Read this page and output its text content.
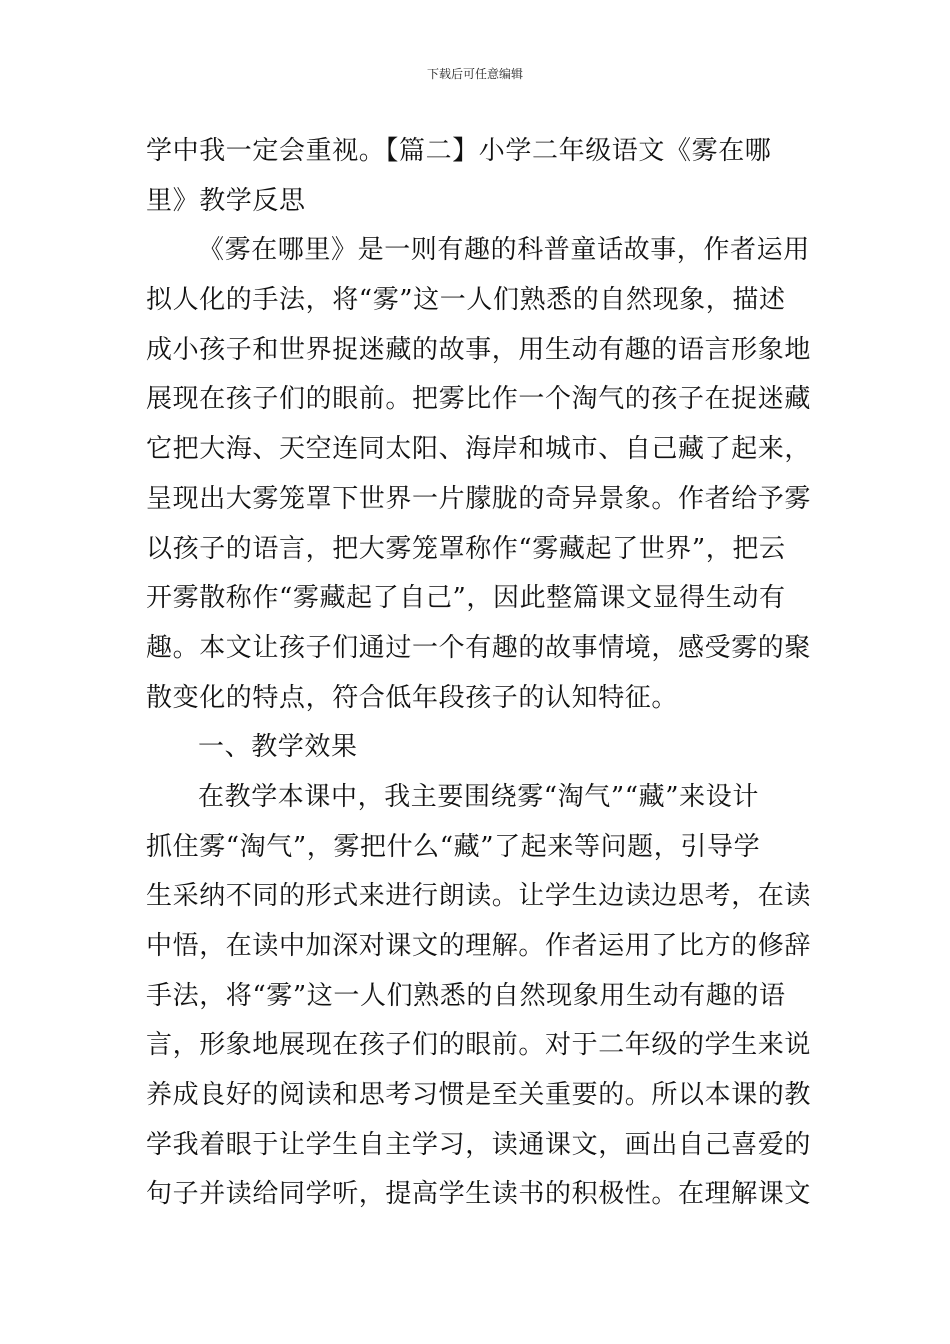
下载后可任意编辑
学中我一定会重视。【篇二】小学二年级语文《雾在哪
里》教学反思
《雾在哪里》是一则有趣的科普童话故事，作者运用
拟人化的手法，将“雾”这一人们熟悉的自然现象，描述
成小孩子和世界捉迷藏的故事，用生动有趣的语言形象地
展现在孩子们的眼前。把雾比作一个淘气的孩子在捉迷藏
它把大海、天空连同太阳、海岸和城市、自己藏了起来，
呈现出大雾笼罩下世界一片朦胧的奇异景象。作者给予雾
以孩子的语言，把大雾笼罩称作“雾藏起了世界”，把云
开雾散称作“雾藏起了自己”，因此整篇课文显得生动有
趣。本文让孩子们通过一个有趣的故事情境，感受雾的聚
散变化的特点，符合低年段孩子的认知特征。
一、教学效果
在教学本课中，我主要围绕雾“淘气”“藏”来设计
抓住雾“淘气”，雾把什么“藏”了起来等问题，引导学
生采纳不同的形式来进行朗读。让学生边读边思考，在读
中悟，在读中加深对课文的理解。作者运用了比方的修辞
手法，将“雾”这一人们熟悉的自然现象用生动有趣的语
言，形象地展现在孩子们的眼前。对于二年级的学生来说
养成良好的阅读和思考习惯是至关重要的。所以本课的教
学我着眼于让学生自主学习，读通课文，画出自己喜爱的
句子并读给同学听，提高学生读书的积极性。在理解课文
